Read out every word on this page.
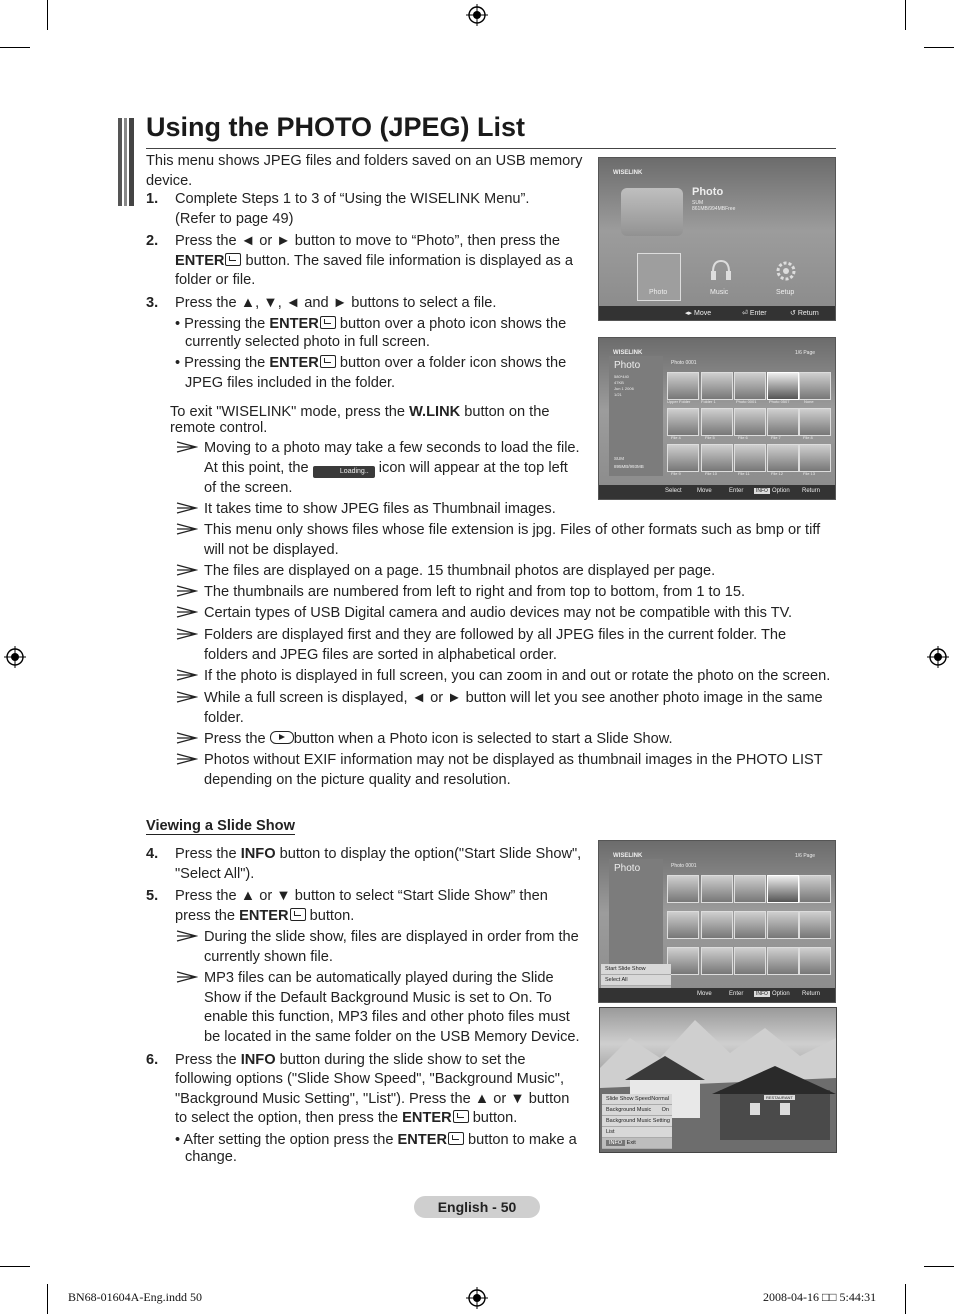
Using the PHOTO (JPEG) List
This menu shows JPEG files and folders saved on an USB memory device.
1. Complete Steps 1 to 3 of “Using the WISELINK Menu”.
(Refer to page 49)
2. Press the ◄ or ► button to move to “Photo”, then press the
ENTER button. The saved file information is displayed as a
folder or file.
3. Press the ▲, ▼, ◄ and ► buttons to select a file.
• Pressing the ENTER button over a photo icon shows the
currently selected photo in full screen.
• Pressing the ENTER button over a folder icon shows the
JPEG files included in the folder.
To exit "WISELINK" mode, press the W.LINK button on the
remote control.
Moving to a photo may take a few seconds to load the file.
At this point, the	Loading.. icon will appear at the top left
of the screen.
It takes time to show JPEG files as Thumbnail images.
This menu only shows files whose file extension is jpg. Files of other formats such as bmp or tiff
will not be displayed.
The files are displayed on a page. 15 thumbnail photos are displayed per page.
The thumbnails are numbered from left to right and from top to bottom, from 1 to 15.
Certain types of USB Digital camera and audio devices may not be compatible with this TV.
Folders are displayed first and they are followed by all JPEG files in the current folder. The
folders and JPEG files are sorted in alphabetical order.
If the photo is displayed in full screen, you can zoom in and out or rotate the photo on the screen.
While a full screen is displayed, ◄ or ► button will let you see another photo image in the same
folder.
Press the button when a Photo icon is selected to start a Slide Show.
Photos without EXIF information may not be displayed as thumbnail images in the PHOTO LIST
depending on the picture quality and resolution.
Viewing a Slide Show
4. Press the INFO button to display the option("Start Slide Show",
"Select All").
5. Press the ▲ or ▼ button to select “Start Slide Show” then
press the ENTER button.
During the slide show, files are displayed in order from the
currently shown file.
MP3 files can be automatically played during the Slide
Show if the Default Background Music is set to On. To
enable this function, MP3 files and other photo files must
be located in the same folder on the USB Memory Device.
6. Press the INFO button during the slide show to set the
following options ("Slide Show Speed", "Background Music",
"Background Music Setting", "List"). Press the ▲ or ▼ button
to select the option, then press the ENTER button.
• After setting the option press the ENTER button to make a
change.
WISELINK
Photo
SUM
861MB/994MBFree
Photo	Music	Setup
◂▸ Move	⏎ Enter	↺ Return
WISELINK	1/6 Page
Photo
580*440
47KB
Jun 1 2006
1/21
SUM
895MB/993MB
Photo 0001
Upper Folder	Folder 1	Photo 0001	Photo 0507	None
File 4	File 5	File 6	File 7	File 8
File 9	File 10	File 11	File 12	File 13
Select	Move	Enter	INFO Option Return
WISELINK	1/6 Page
Photo	Photo 0001
Start Slide Show
Select All
Move	Enter	INFO Option Return
RESTAURANT
Slide Show Speed Normal
Background Music On
Background Music Setting
List
INFO Exit
English - 50
BN68-01604A-Eng.indd 50	2008-04-16 □□ 5:44:31
